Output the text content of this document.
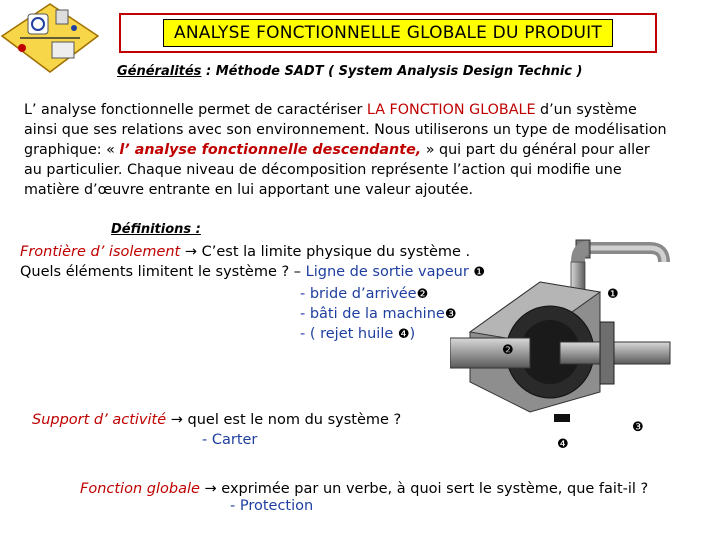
ANALYSE FONCTIONNELLE GLOBALE DU PRODUIT
Généralités : Méthode SADT ( System Analysis Design Technic )
L’ analyse fonctionnelle permet de caractériser LA FONCTION GLOBALE d’un système
ainsi que ses relations avec son environnement. Nous utiliserons un type de modélisation
graphique: « l’ analyse fonctionnelle descendante, » qui part du général pour aller
au particulier. Chaque niveau de décomposition représente l’action qui modifie une
matière d’œuvre entrante en lui apportant une valeur ajoutée.
Définitions :
Frontière d’ isolement → C’est la limite physique du système .
Quels éléments limitent le système ? – Ligne de sortie vapeur ❶
- bride d’arrivée❷
- bâti de la machine❸
- ( rejet huile ❹)
❶
❷
❸
❹
Support d’ activité → quel est le nom du système ?
- Carter
Fonction globale → exprimée par un verbe, à quoi sert le système, que fait-il ?
- Protection
